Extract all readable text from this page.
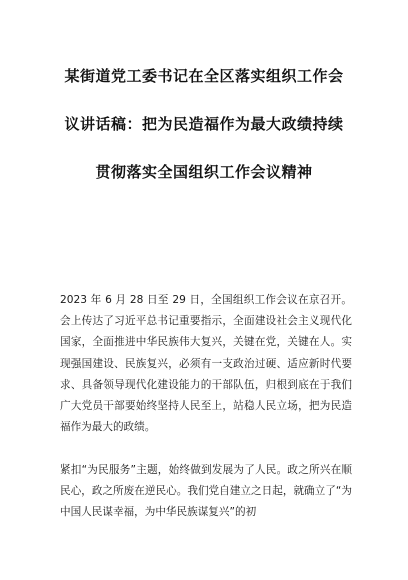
某街道党工委书记在全区落实组织工作会
议讲话稿：把为民造福作为最大政绩持续
贯彻落实全国组织工作会议精神

2023 年 6 月 28 日至 29 日，全国组织工作会议在京召开。会上传达了习近平总书记重要指示，全面建设社会主义现代化国家，全面推进中华民族伟大复兴，关键在党，关键在人。实现强国建设、民族复兴，必须有一支政治过硬、适应新时代要求、具备领导现代化建设能力的干部队伍，归根到底在于我们广大党员干部要始终坚持人民至上，站稳人民立场，把为民造福作为最大的政绩。

紧扣“为民服务”主题，始终做到发展为了人民。政之所兴在顺民心，政之所废在逆民心。我们党自建立之日起，就确立了“为中国人民谋幸福，为中华民族谋复兴”的初
